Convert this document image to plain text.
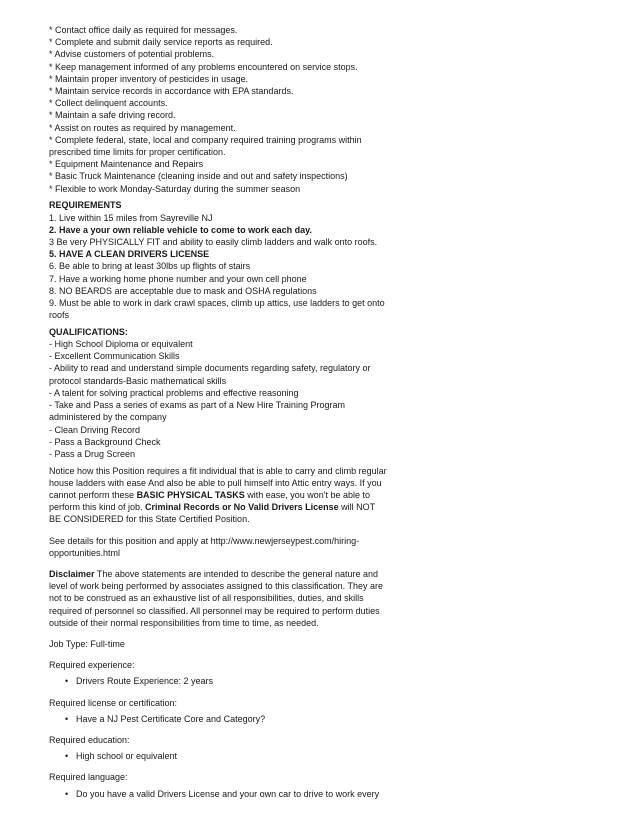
* Contact office daily as required for messages.
* Complete and submit daily service reports as required.
* Advise customers of potential problems.
* Keep management informed of any problems encountered on service stops.
* Maintain proper inventory of pesticides in usage.
* Maintain service records in accordance with EPA standards.
* Collect delinquent accounts.
* Maintain a safe driving record.
* Assist on routes as required by management.
* Complete federal, state, local and company required training programs within
prescribed time limits for proper certification.
* Equipment Maintenance and Repairs
* Basic Truck Maintenance (cleaning inside and out and safety inspections)
* Flexible to work Monday-Saturday during the summer season
REQUIREMENTS
1. Live within 15 miles from Sayreville NJ
2. Have a your own reliable vehicle to come to work each day.
3 Be very PHYSICALLY FIT and ability to easily climb ladders and walk onto roofs.
5. HAVE A CLEAN DRIVERS LICENSE
6. Be able to bring at least 30lbs up flights of stairs
7. Have a working home phone number and your own cell phone
8. NO BEARDS are acceptable due to mask and OSHA regulations
9. Must be able to work in dark crawl spaces, climb up attics, use ladders to get onto
roofs
QUALIFICATIONS:
- High School Diploma or equivalent
- Excellent Communication Skills
- Ability to read and understand simple documents regarding safety, regulatory or
protocol standards-Basic mathematical skills
- A talent for solving practical problems and effective reasoning
- Take and Pass a series of exams as part of a New Hire Training Program
administered by the company
- Clean Driving Record
- Pass a Background Check
- Pass a Drug Screen
Notice how this Position requires a fit individual that is able to carry and climb regular
house ladders with ease And also be able to pull himself into Attic entry ways. If you
cannot perform these BASIC PHYSICAL TASKS with ease, you won't be able to
perform this kind of job. Criminal Records or No Valid Drivers License will NOT
BE CONSIDERED for this State Certified Position.
See details for this position and apply at http://www.newjerseypest.com/hiring-
opportunities.html
Disclaimer The above statements are intended to describe the general nature and
level of work being performed by associates assigned to this classification. They are
not to be construed as an exhaustive list of all responsibilities, duties, and skills
required of personnel so classified. All personnel may be required to perform duties
outside of their normal responsibilities from time to time, as needed.
Job Type: Full-time
Required experience:
• Drivers Route Experience: 2 years
Required license or certification:
• Have a NJ Pest Certificate Core and Category?
Required education:
• High school or equivalent
Required language:
• Do you have a valid Drivers License and your own car to drive to work every
